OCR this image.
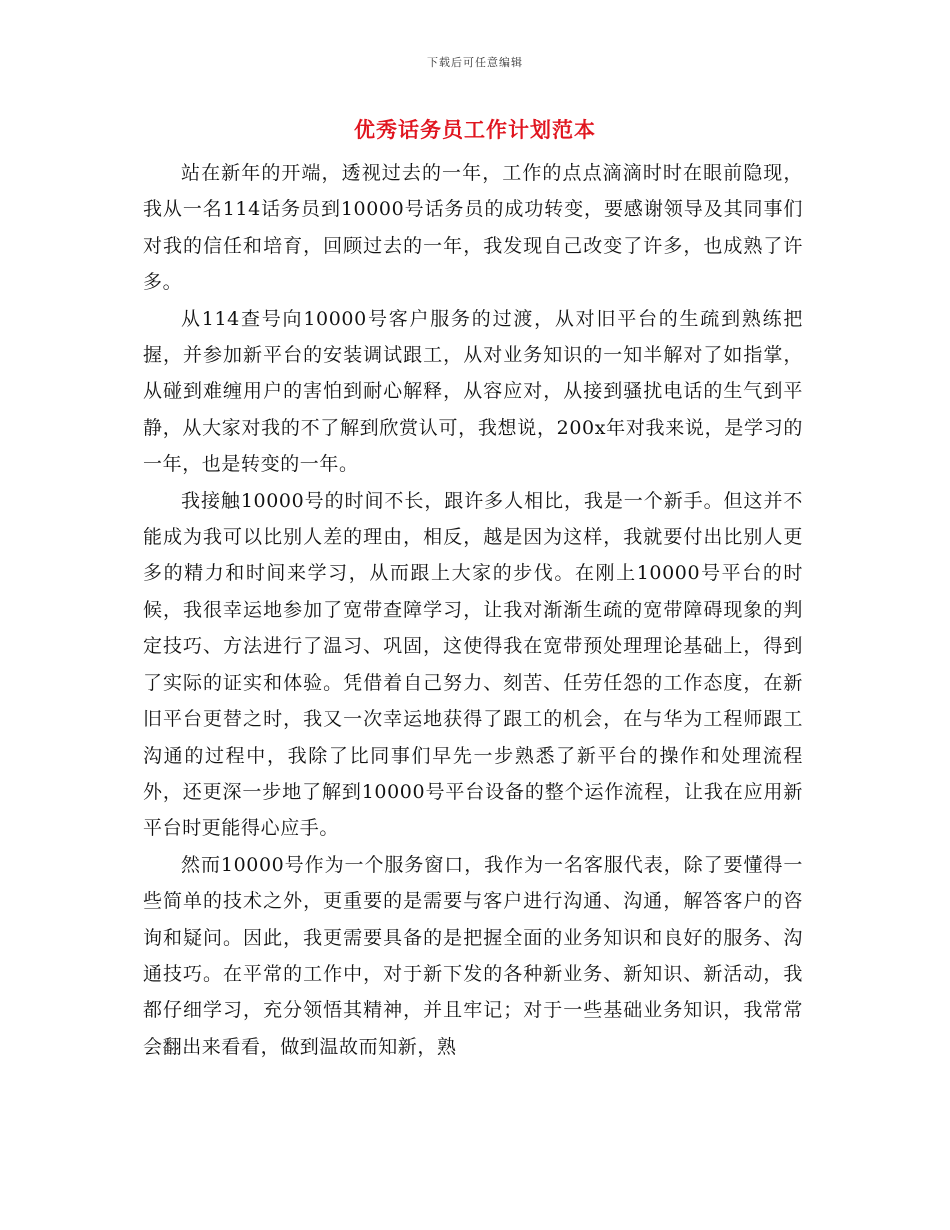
下载后可任意编辑
优秀话务员工作计划范本

站在新年的开端，透视过去的一年，工作的点点滴滴时时在眼前隐现，我从一名114话务员到10000号话务员的成功转变，要感谢领导及其同事们对我的信任和培育，回顾过去的一年，我发现自己改变了许多，也成熟了许多。

从114查号向10000号客户服务的过渡，从对旧平台的生疏到熟练把握，并参加新平台的安装调试跟工，从对业务知识的一知半解对了如指掌，从碰到难缠用户的害怕到耐心解释，从容应对，从接到骚扰电话的生气到平静，从大家对我的不了解到欣赏认可，我想说，200x年对我来说，是学习的一年，也是转变的一年。

我接触10000号的时间不长，跟许多人相比，我是一个新手。但这并不能成为我可以比别人差的理由，相反，越是因为这样，我就要付出比别人更多的精力和时间来学习，从而跟上大家的步伐。在刚上10000号平台的时候，我很幸运地参加了宽带查障学习，让我对渐渐生疏的宽带障碍现象的判定技巧、方法进行了温习、巩固，这使得我在宽带预处理理论基础上，得到了实际的证实和体验。凭借着自己努力、刻苦、任劳任怨的工作态度，在新旧平台更替之时，我又一次幸运地获得了跟工的机会，在与华为工程师跟工沟通的过程中，我除了比同事们早先一步熟悉了新平台的操作和处理流程外，还更深一步地了解到10000号平台设备的整个运作流程，让我在应用新平台时更能得心应手。

然而10000号作为一个服务窗口，我作为一名客服代表，除了要懂得一些简单的技术之外，更重要的是需要与客户进行沟通、沟通，解答客户的咨询和疑问。因此，我更需要具备的是把握全面的业务知识和良好的服务、沟通技巧。在平常的工作中，对于新下发的各种新业务、新知识、新活动，我都仔细学习，充分领悟其精神，并且牢记；对于一些基础业务知识，我常常会翻出来看看，做到温故而知新，熟
